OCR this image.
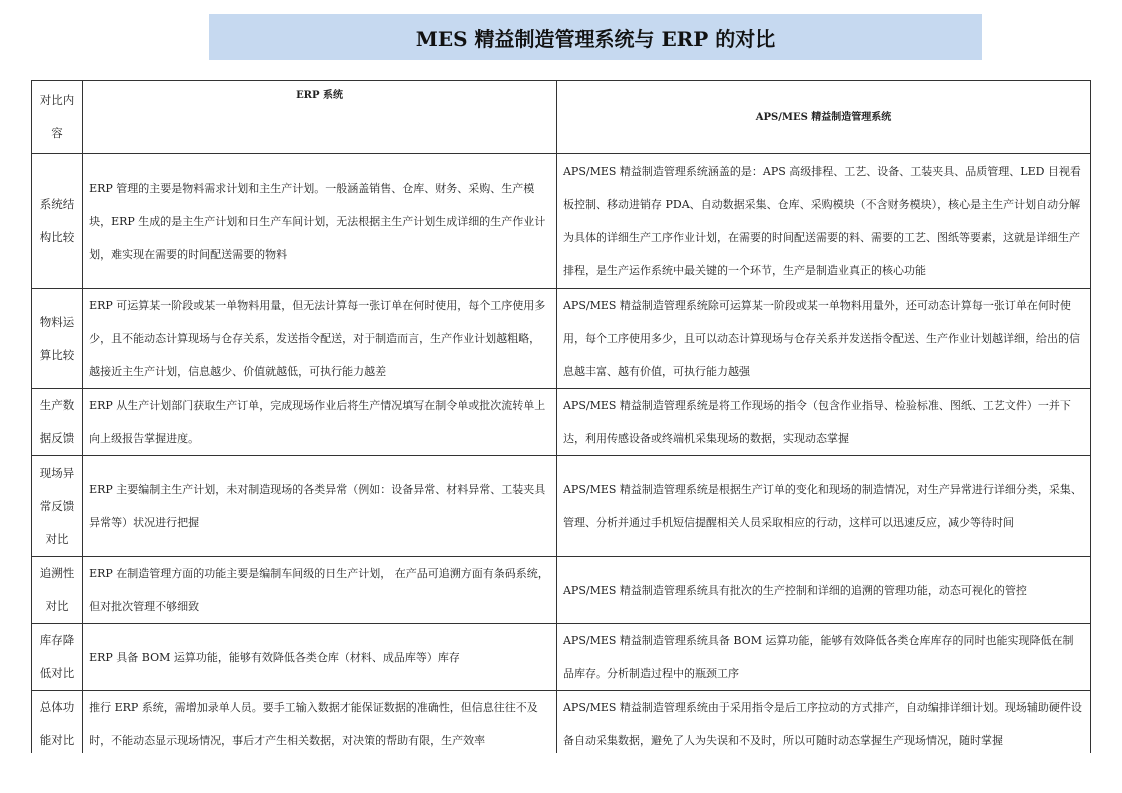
MES 精益制造管理系统与 ERP 的对比
对比内容	ERP 系统	APS/MES 精益制造管理系统
系统结构比较	ERP 管理的主要是物料需求计划和主生产计划。一般涵盖销售、仓库、财务、采购、生产模块，ERP 生成的是主生产计划和日生产车间计划，无法根据主生产计划生成详细的生产作业计划，难实现在需要的时间配送需要的物料	APS/MES 精益制造管理系统涵盖的是：APS 高级排程、工艺、设备、工装夹具、品质管理、LED 目视看板控制、移动进销存 PDA、自动数据采集、仓库、采购模块（不含财务模块），核心是主生产计划自动分解为具体的详细生产工序作业计划，在需要的时间配送需要的料、需要的工艺、图纸等要素，这就是详细生产排程，是生产运作系统中最关键的一个环节，生产是制造业真正的核心功能
物料运算比较	ERP 可运算某一阶段或某一单物料用量，但无法计算每一张订单在何时使用，每个工序使用多少，且不能动态计算现场与仓存关系，发送指令配送，对于制造而言，生产作业计划越粗略，越接近主生产计划，信息越少、价值就越低，可执行能力越差	APS/MES 精益制造管理系统除可运算某一阶段或某一单物料用量外，还可动态计算每一张订单在何时使用，每个工序使用多少，且可以动态计算现场与仓存关系并发送指令配送、生产作业计划越详细，给出的信息越丰富、越有价值，可执行能力越强
生产数据反馈	ERP 从生产计划部门获取生产订单，完成现场作业后将生产情况填写在制令单或批次流转单上向上级报告掌握进度。	APS/MES 精益制造管理系统是将工作现场的指令（包含作业指导、检验标准、图纸、工艺文件）一并下达，利用传感设备或终端机采集现场的数据，实现动态掌握
现场异常反馈对比	ERP 主要编制主生产计划，未对制造现场的各类异常（例如：设备异常、材料异常、工装夹具异常等）状况进行把握	APS/MES 精益制造管理系统是根据生产订单的变化和现场的制造情况，对生产异常进行详细分类，采集、管理、分析并通过手机短信提醒相关人员采取相应的行动，这样可以迅速反应，减少等待时间
追溯性对比	ERP 在制造管理方面的功能主要是编制车间级的日生产计划， 在产品可追溯方面有条码系统，但对批次管理不够细致	APS/MES 精益制造管理系统具有批次的生产控制和详细的追溯的管理功能，动态可视化的管控
库存降低对比	ERP 具备 BOM 运算功能，能够有效降低各类仓库（材料、成品库等）库存	APS/MES 精益制造管理系统具备 BOM 运算功能，能够有效降低各类仓库库存的同时也能实现降低在制品库存。分析制造过程中的瓶颈工序
总体功能对比	推行 ERP 系统，需增加录单人员。要手工输入数据才能保证数据的准确性，但信息往往不及时，不能动态显示现场情况，事后才产生相关数据，对决策的帮助有限，生产效率	APS/MES 精益制造管理系统由于采用指令是后工序拉动的方式排产，自动编排详细计划。现场辅助硬件设备自动采集数据，避免了人为失误和不及时，所以可随时动态掌握生产现场情况，随时掌握
